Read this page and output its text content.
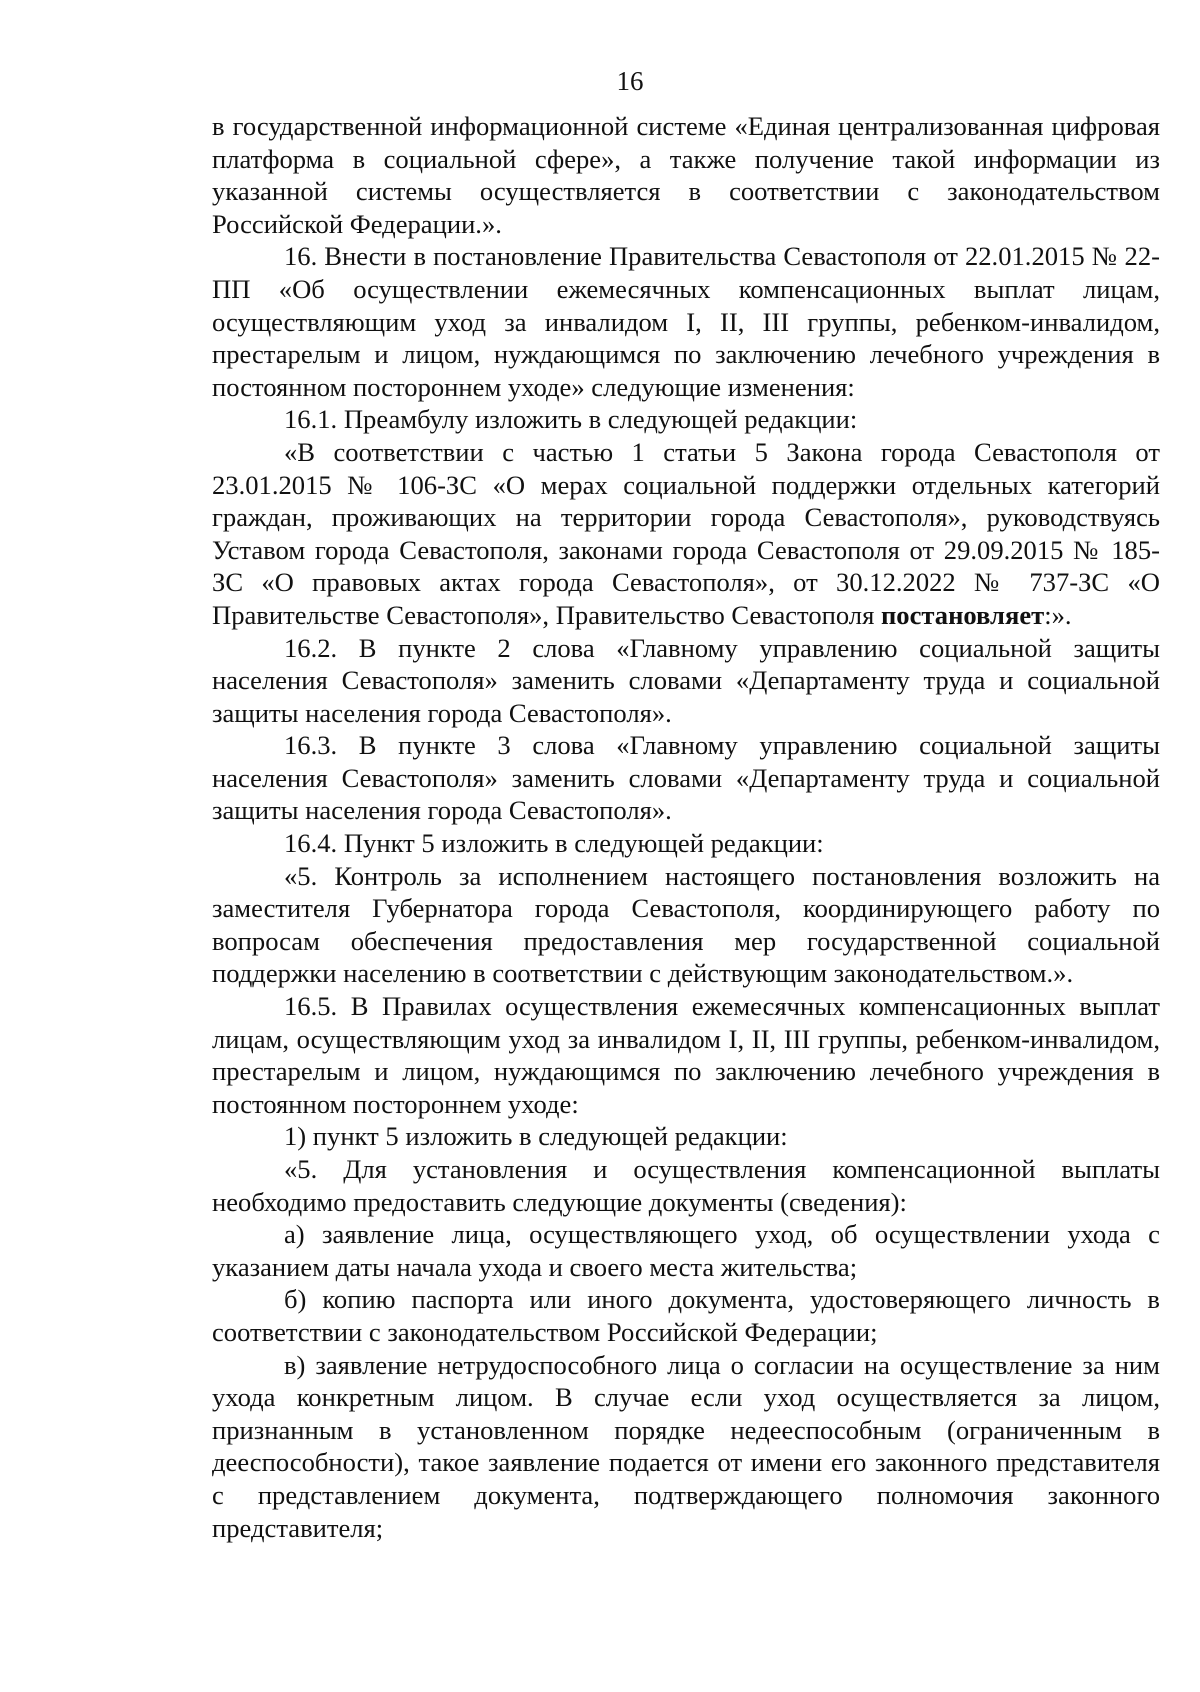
16

в государственной информационной системе «Единая централизованная цифровая платформа в социальной сфере», а также получение такой информации из указанной системы осуществляется в соответствии с законодательством Российской Федерации.».

16. Внести в постановление Правительства Севастополя от 22.01.2015 № 22-ПП «Об осуществлении ежемесячных компенсационных выплат лицам, осуществляющим уход за инвалидом I, II, III группы, ребенком-инвалидом, престарелым и лицом, нуждающимся по заключению лечебного учреждения в постоянном постороннем уходе» следующие изменения:

16.1. Преамбулу изложить в следующей редакции:

«В соответствии с частью 1 статьи 5 Закона города Севастополя от 23.01.2015 № 106-ЗС «О мерах социальной поддержки отдельных категорий граждан, проживающих на территории города Севастополя», руководствуясь Уставом города Севастополя, законами города Севастополя от 29.09.2015 № 185-ЗС «О правовых актах города Севастополя», от 30.12.2022 № 737-ЗС «О Правительстве Севастополя», Правительство Севастополя постановляет:».

16.2. В пункте 2 слова «Главному управлению социальной защиты населения Севастополя» заменить словами «Департаменту труда и социальной защиты населения города Севастополя».

16.3. В пункте 3 слова «Главному управлению социальной защиты населения Севастополя» заменить словами «Департаменту труда и социальной защиты населения города Севастополя».

16.4. Пункт 5 изложить в следующей редакции:

«5. Контроль за исполнением настоящего постановления возложить на заместителя Губернатора города Севастополя, координирующего работу по вопросам обеспечения предоставления мер государственной социальной поддержки населению в соответствии с действующим законодательством.».

16.5. В Правилах осуществления ежемесячных компенсационных выплат лицам, осуществляющим уход за инвалидом I, II, III группы, ребенком-инвалидом, престарелым и лицом, нуждающимся по заключению лечебного учреждения в постоянном постороннем уходе:

1) пункт 5 изложить в следующей редакции:

«5. Для установления и осуществления компенсационной выплаты необходимо предоставить следующие документы (сведения):

а) заявление лица, осуществляющего уход, об осуществлении ухода с указанием даты начала ухода и своего места жительства;

б) копию паспорта или иного документа, удостоверяющего личность в соответствии с законодательством Российской Федерации;

в) заявление нетрудоспособного лица о согласии на осуществление за ним ухода конкретным лицом. В случае если уход осуществляется за лицом, признанным в установленном порядке недееспособным (ограниченным в дееспособности), такое заявление подается от имени его законного представителя с представлением документа, подтверждающего полномочия законного представителя;
